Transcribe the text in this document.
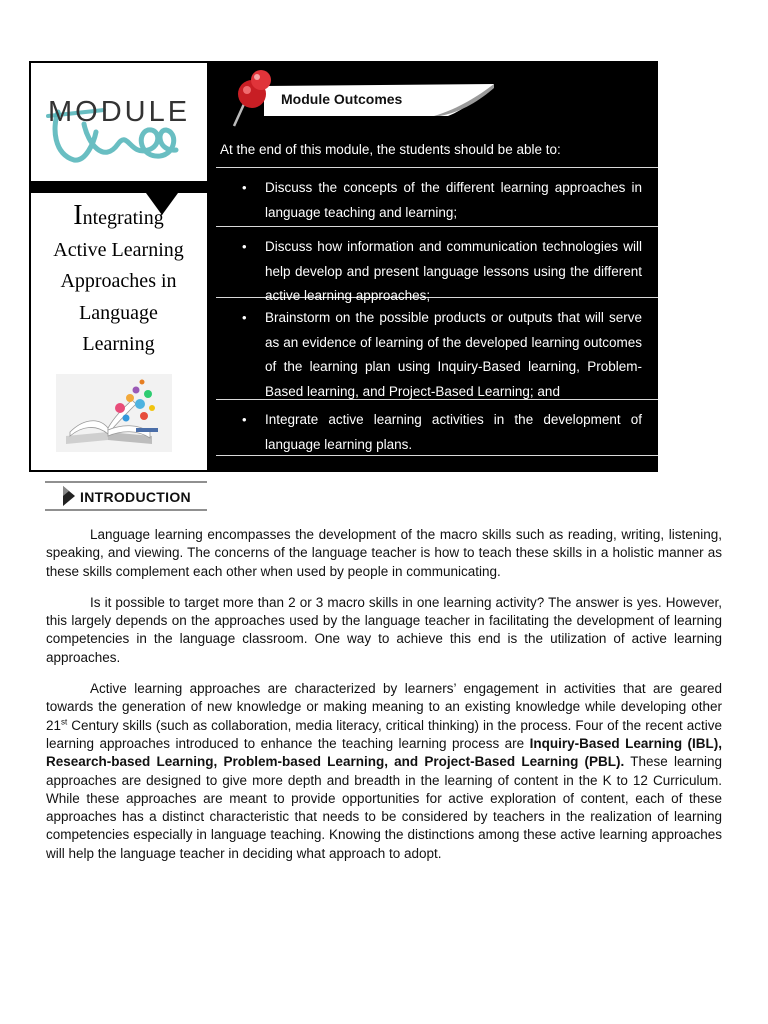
MODULE
Integrating
Active Learning
Approaches in
Language
Learning
Module Outcomes
At the end of this module, the students should be able to:
• Discuss the concepts of the different learning approaches in language teaching and learning;
• Discuss how information and communication technologies will help develop and present language lessons using the different active learning approaches;
• Brainstorm on the possible products or outputs that will serve as an evidence of learning of the developed learning outcomes of the learning plan using Inquiry-Based learning, Problem-Based learning, and Project-Based Learning; and
• Integrate active learning activities in the development of language learning plans.
INTRODUCTION

Language learning encompasses the development of the macro skills such as reading, writing, listening, speaking, and viewing. The concerns of the language teacher is how to teach these skills in a holistic manner as these skills complement each other when used by people in communicating.

Is it possible to target more than 2 or 3 macro skills in one learning activity? The answer is yes. However, this largely depends on the approaches used by the language teacher in facilitating the development of learning competencies in the language classroom. One way to achieve this end is the utilization of active learning approaches.

Active learning approaches are characterized by learners’ engagement in activities that are geared towards the generation of new knowledge or making meaning to an existing knowledge while developing other 21st Century skills (such as collaboration, media literacy, critical thinking) in the process. Four of the recent active learning approaches introduced to enhance the teaching learning process are Inquiry-Based Learning (IBL), Research-based Learning, Problem-based Learning, and Project-Based Learning (PBL). These learning approaches are designed to give more depth and breadth in the learning of content in the K to 12 Curriculum. While these approaches are meant to provide opportunities for active exploration of content, each of these approaches has a distinct characteristic that needs to be considered by teachers in the realization of learning competencies especially in language teaching. Knowing the distinctions among these active learning approaches will help the language teacher in deciding what approach to adopt.
